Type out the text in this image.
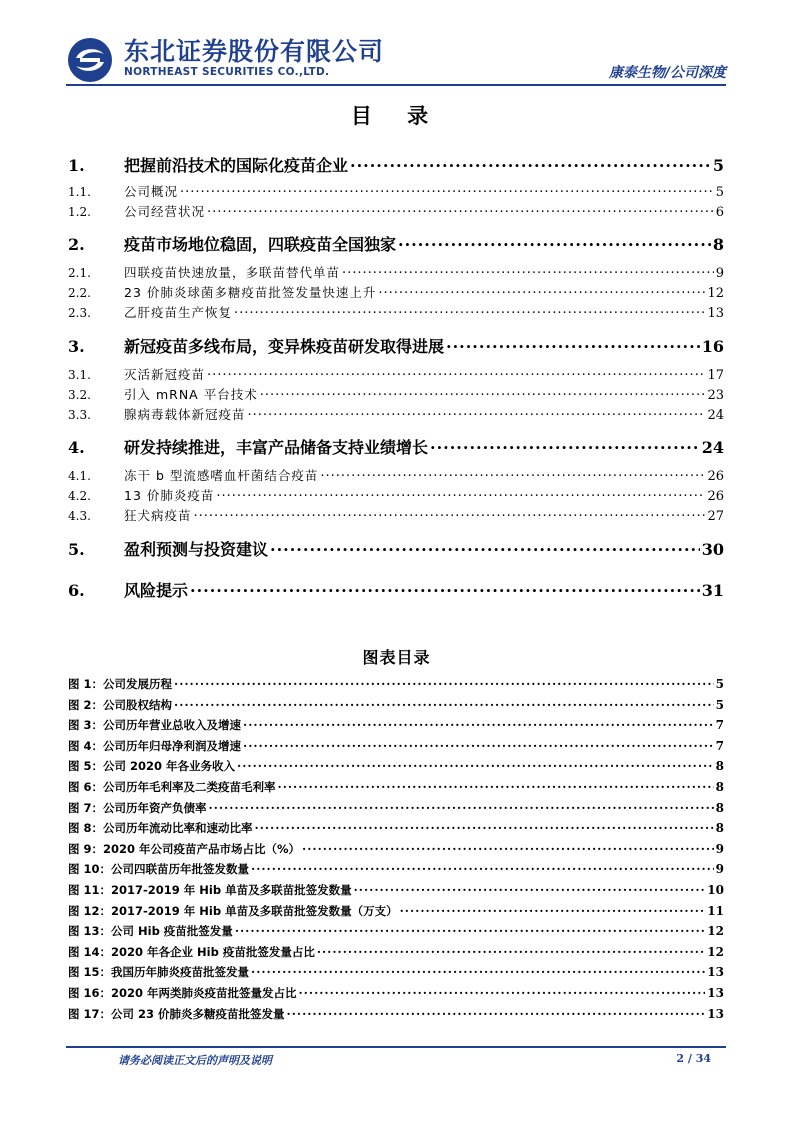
东北证券股份有限公司
NORTHEAST SECURITIES CO.,LTD.	康泰生物/公司深度
目 录
1.	把握前沿技术的国际化疫苗企业 .....	5
1.1.	公司概况 .....	5
1.2.	公司经营状况 .....	6
2.	疫苗市场地位稳固，四联疫苗全国独家 .....	8
2.1.	四联疫苗快速放量，多联苗替代单苗 .....	9
2.2.	23 价肺炎球菌多糖疫苗批签发量快速上升 .....	12
2.3.	乙肝疫苗生产恢复 .....	13
3.	新冠疫苗多线布局，变异株疫苗研发取得进展 .....	16
3.1.	灭活新冠疫苗 .....	17
3.2.	引入 mRNA 平台技术 .....	23
3.3.	腺病毒载体新冠疫苗 .....	24
4.	研发持续推进，丰富产品储备支持业绩增长 .....	24
4.1.	冻干 b 型流感嗜血杆菌结合疫苗 .....	26
4.2.	13 价肺炎疫苗 .....	26
4.3.	狂犬病疫苗 .....	27
5.	盈利预测与投资建议 .....	30
6.	风险提示 .....	31
图表目录
图 1：公司发展历程 .....	5
图 2：公司股权结构 .....	5
图 3：公司历年营业总收入及增速 .....	7
图 4：公司历年归母净利润及增速 .....	7
图 5：公司 2020 年各业务收入 .....	8
图 6：公司历年毛利率及二类疫苗毛利率 .....	8
图 7：公司历年资产负债率 .....	8
图 8：公司历年流动比率和速动比率 .....	8
图 9：2020 年公司疫苗产品市场占比（%） .....	9
图 10：公司四联苗历年批签发数量 .....	9
图 11：2017-2019 年 Hib 单苗及多联苗批签发数量 .....	10
图 12：2017-2019 年 Hib 单苗及多联苗批签发数量（万支） .....	11
图 13：公司 Hib 疫苗批签发量 .....	12
图 14：2020 年各企业 Hib 疫苗批签发量占比 .....	12
图 15：我国历年肺炎疫苗批签发量 .....	13
图 16：2020 年两类肺炎疫苗批签量发占比 .....	13
图 17：公司 23 价肺炎多糖疫苗批签发量 .....	13
请务必阅读正文后的声明及说明	2 / 34
